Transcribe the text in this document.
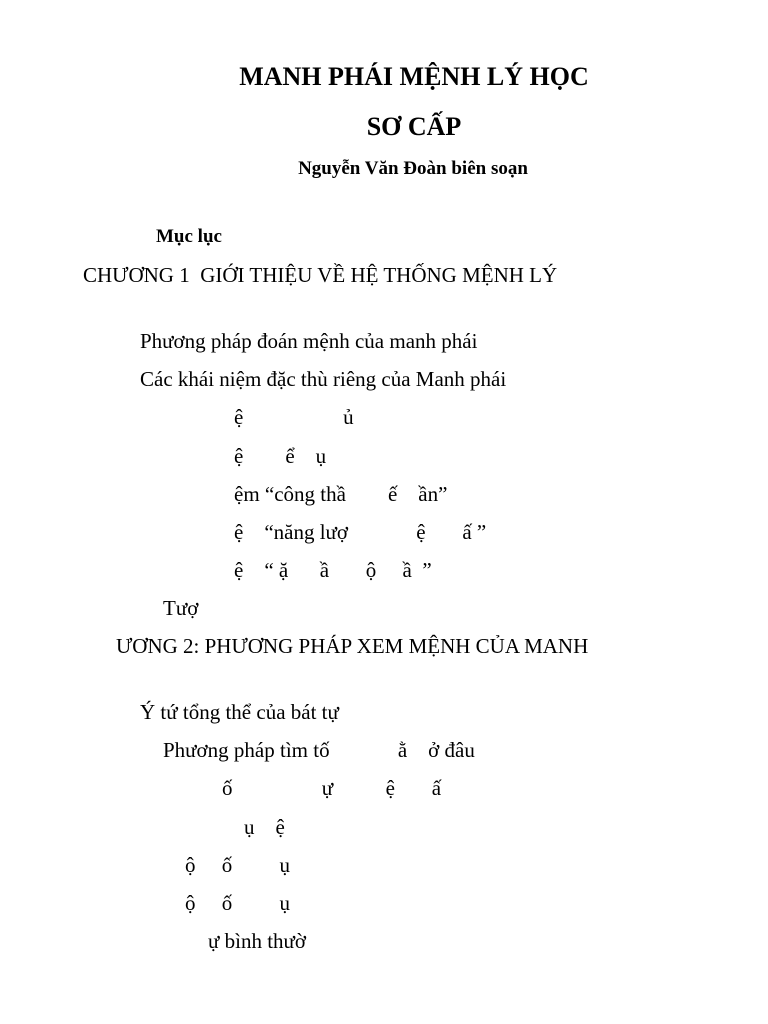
MANH PHÁI MỆNH LÝ HỌC
SƠ CẤP
Nguyễn Văn Đoàn biên soạn
Mục lục
CHƯƠNG 1  GIỚI THIỆU VỀ HỆ THỐNG MỆNH LÝ
Phương pháp đoán mệnh của manh phái
Các khái niệm đặc thù riêng của Manh phái
ệ                   ủ
ệ        ể    ụ
ệm “công thầ        ế    ần”
ệ    “năng lượ             ệ       ấ ”
ệ    “ ặ      ầ       ộ     ầ  ”
Tượ
ƯƠNG 2: PHƯƠNG PHÁP XEM MỆNH CỦA MANH
Ý tứ tổng thể của bát tự
Phương pháp tìm tố             ằ    ở đâu
ố                 ự          ệ       ấ
ụ    ệ
ộ     ố         ụ
ộ     ố         ụ
ự bình thườ
